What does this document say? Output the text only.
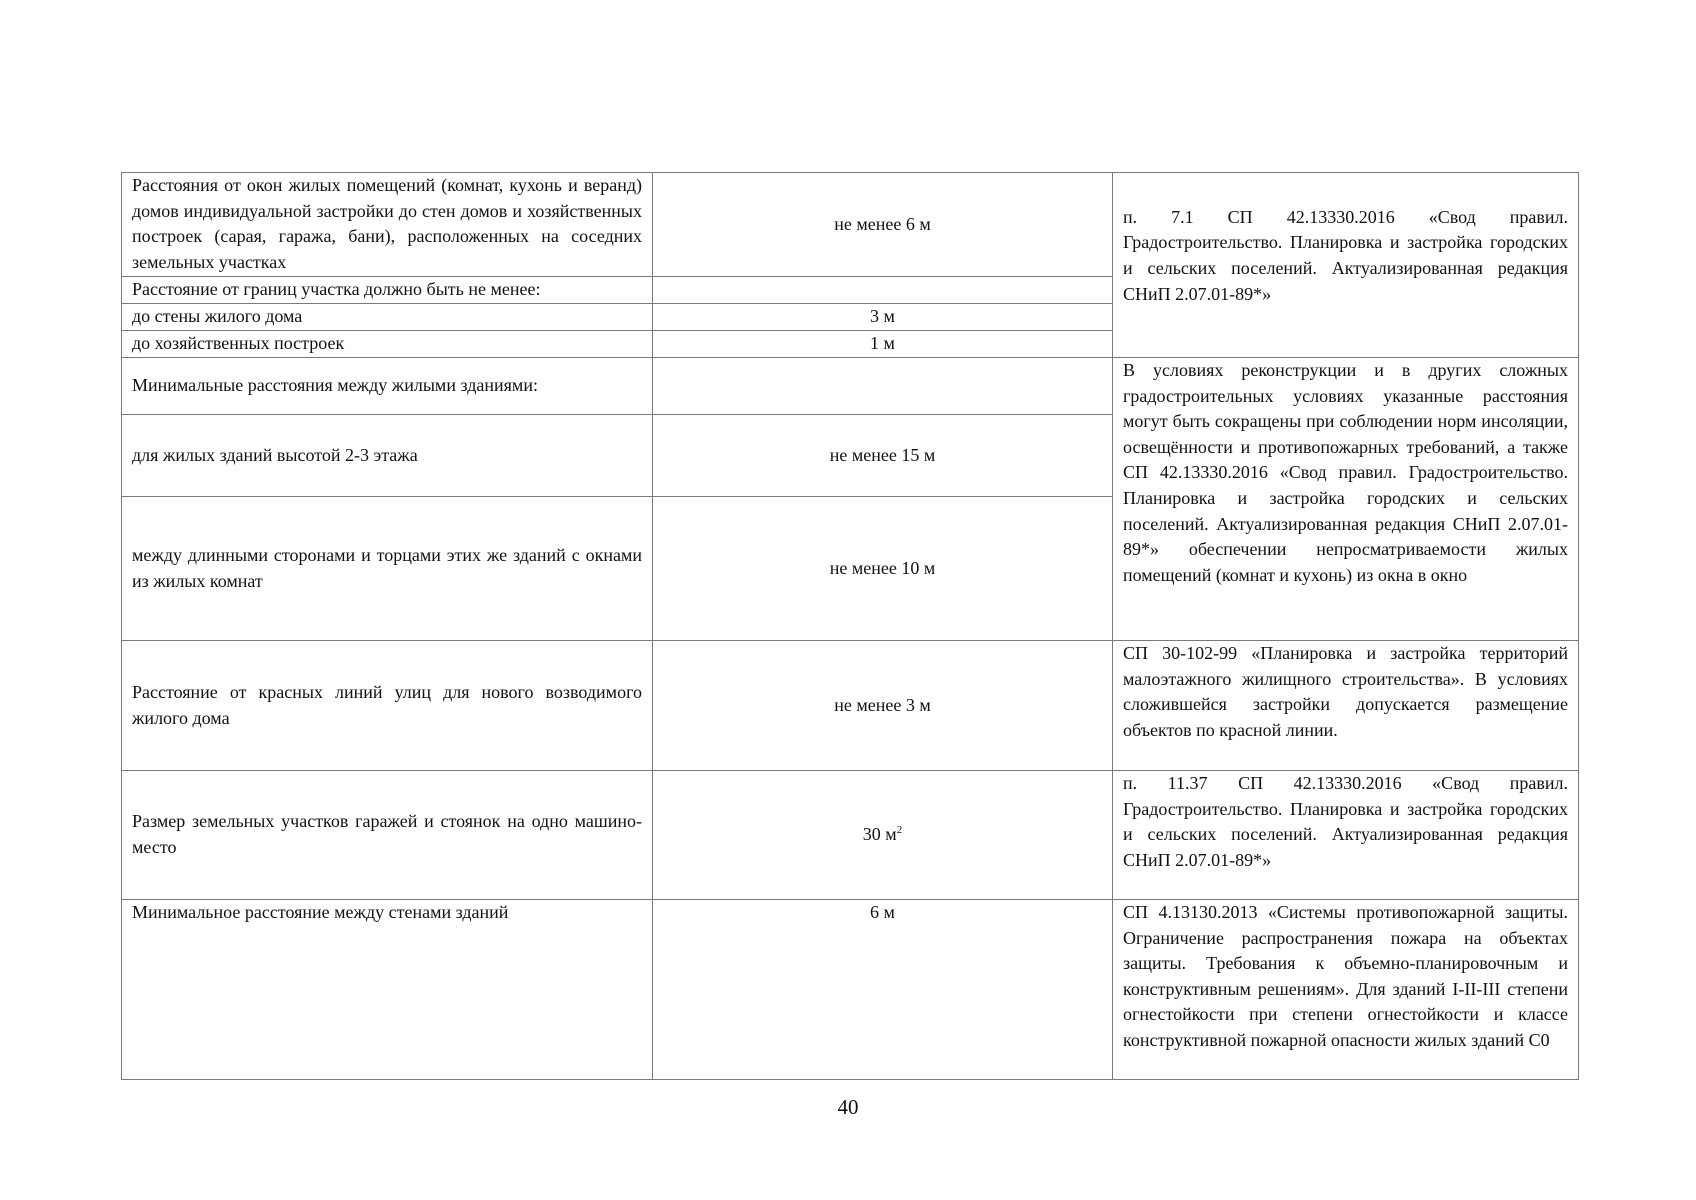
Расстояния от окон жилых помещений (комнат, кухонь и веранд) домов индивидуальной застройки до стен домов и хозяйственных построек (сарая, гаража, бани), расположенных на соседних земельных участках	не менее 6 м	п. 7.1 СП 42.13330.2016 «Свод правил. Градостроительство. Планировка и застройка городских и сельских поселений. Актуализированная редакция СНиП 2.07.01-89*»
Расстояние от границ участка должно быть не менее:		
до стены жилого дома	3 м	
до хозяйственных построек	1 м	
Минимальные расстояния между жилыми зданиями:		В условиях реконструкции и в других сложных градостроительных условиях указанные расстояния могут быть сокращены при соблюдении норм инсоляции, освещённости и противопожарных требований, а также СП 42.13330.2016 «Свод правил. Градостроительство. Планировка и застройка городских и сельских поселений. Актуализированная редакция СНиП 2.07.01-89*» обеспечении непросматриваемости жилых помещений (комнат и кухонь) из окна в окно
для жилых зданий высотой 2-3 этажа	не менее 15 м	
между длинными сторонами и торцами этих же зданий с окнами из жилых комнат	не менее 10 м	
Расстояние от красных линий улиц для нового возводимого жилого дома	не менее 3 м	СП 30-102-99 «Планировка и застройка территорий малоэтажного жилищного строительства». В условиях сложившейся застройки допускается размещение объектов по красной линии.
Размер земельных участков гаражей и стоянок на одно машино-место	30 $м^2$	п. 11.37 СП 42.13330.2016 «Свод правил. Градостроительство. Планировка и застройка городских и сельских поселений. Актуализированная редакция СНиП 2.07.01-89*»
Минимальное расстояние между стенами зданий	6 м	СП 4.13130.2013 «Системы противопожарной защиты. Ограничение распространения пожара на объектах защиты. Требования к объемно-планировочным и конструктивным решениям». Для зданий I-II-III степени огнестойкости при степени огнестойкости и классе конструктивной пожарной опасности жилых зданий С0
40
